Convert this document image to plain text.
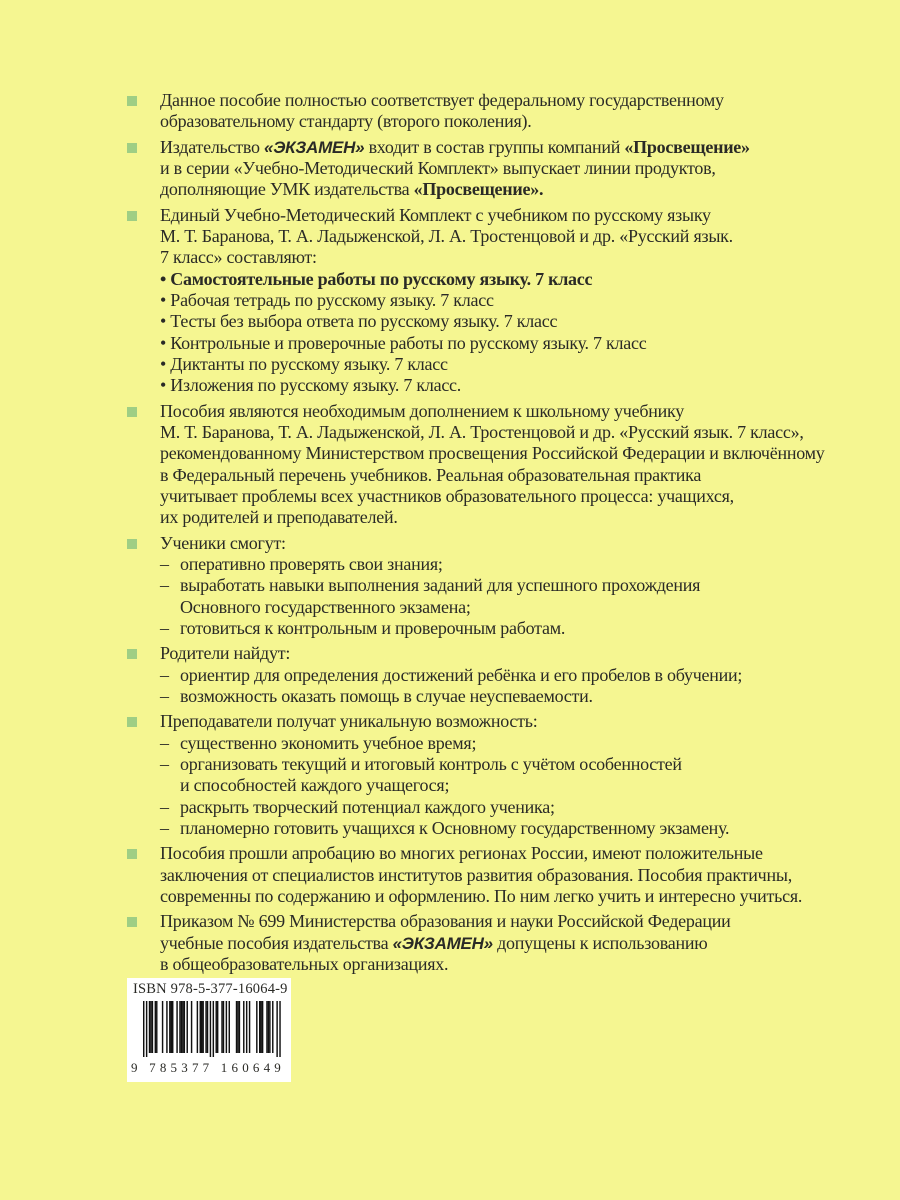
Данное пособие полностью соответствует федеральному государственному
образовательному стандарту (второго поколения).
Издательство «ЭКЗАМЕН» входит в состав группы компаний «Просвещение»
и в серии «Учебно-Методический Комплект» выпускает линии продуктов,
дополняющие УМК издательства «Просвещение».
Единый Учебно-Методический Комплект с учебником по русскому языку
М. Т. Баранова, Т. А. Ладыженской, Л. А. Тростенцовой и др. «Русский язык.
7 класс» составляют:
• Самостоятельные работы по русскому языку. 7 класс
• Рабочая тетрадь по русскому языку. 7 класс
• Тесты без выбора ответа по русскому языку. 7 класс
• Контрольные и проверочные работы по русскому языку. 7 класс
• Диктанты по русскому языку. 7 класс
• Изложения по русскому языку. 7 класс.
Пособия являются необходимым дополнением к школьному учебнику
М. Т. Баранова, Т. А. Ладыженской, Л. А. Тростенцовой и др. «Русский язык. 7 класс»,
рекомендованному Министерством просвещения Российской Федерации и включённому
в Федеральный перечень учебников. Реальная образовательная практика
учитывает проблемы всех участников образовательного процесса: учащихся,
их родителей и преподавателей.
Ученики смогут:
– оперативно проверять свои знания;
– выработать навыки выполнения заданий для успешного прохождения
Основного государственного экзамена;
– готовиться к контрольным и проверочным работам.
Родители найдут:
– ориентир для определения достижений ребёнка и его пробелов в обучении;
– возможность оказать помощь в случае неуспеваемости.
Преподаватели получат уникальную возможность:
– существенно экономить учебное время;
– организовать текущий и итоговый контроль с учётом особенностей
и способностей каждого учащегося;
– раскрыть творческий потенциал каждого ученика;
– планомерно готовить учащихся к Основному государственному экзамену.
Пособия прошли апробацию во многих регионах России, имеют положительные
заключения от специалистов институтов развития образования. Пособия практичны,
современны по содержанию и оформлению. По ним легко учить и интересно учиться.
Приказом № 699 Министерства образования и науки Российской Федерации
учебные пособия издательства «ЭКЗАМЕН» допущены к использованию
в общеобразовательных организациях.
ISBN 978-5-377-16064-9
9 785377 160649
